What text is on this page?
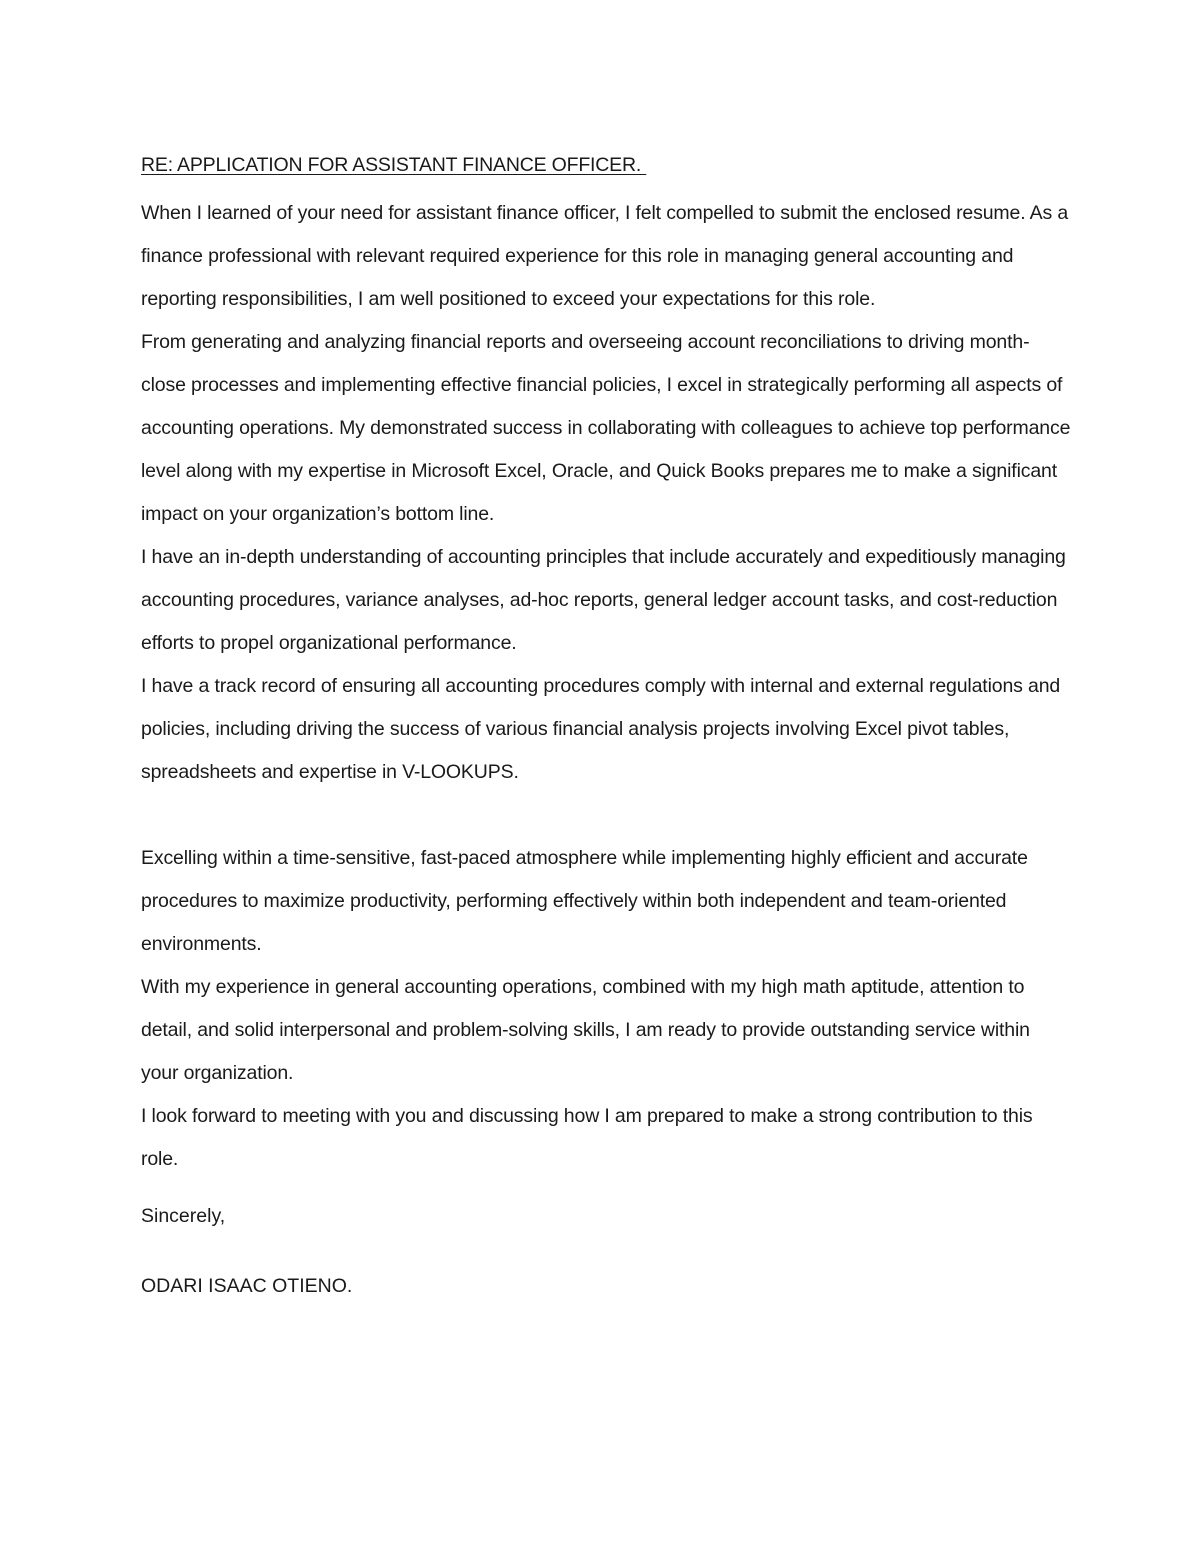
RE: APPLICATION FOR ASSISTANT FINANCE OFFICER.

When I learned of your need for assistant finance officer, I felt compelled to submit the enclosed resume. As a finance professional with relevant required experience for this role in managing general accounting and reporting responsibilities, I am well positioned to exceed your expectations for this role.

From generating and analyzing financial reports and overseeing account reconciliations to driving month-close processes and implementing effective financial policies, I excel in strategically performing all aspects of accounting operations. My demonstrated success in collaborating with colleagues to achieve top performance level along with my expertise in Microsoft Excel, Oracle, and Quick Books prepares me to make a significant impact on your organization’s bottom line.

I have an in-depth understanding of accounting principles that include accurately and expeditiously managing accounting procedures, variance analyses, ad-hoc reports, general ledger account tasks, and cost-reduction efforts to propel organizational performance.

I have a track record of ensuring all accounting procedures comply with internal and external regulations and policies, including driving the success of various financial analysis projects involving Excel pivot tables, spreadsheets and expertise in V-LOOKUPS.

Excelling within a time-sensitive, fast-paced atmosphere while implementing highly efficient and accurate procedures to maximize productivity, performing effectively within both independent and team-oriented environments.

With my experience in general accounting operations, combined with my high math aptitude, attention to detail, and solid interpersonal and problem-solving skills, I am ready to provide outstanding service within your organization.

I look forward to meeting with you and discussing how I am prepared to make a strong contribution to this role.

Sincerely,

ODARI ISAAC OTIENO.
